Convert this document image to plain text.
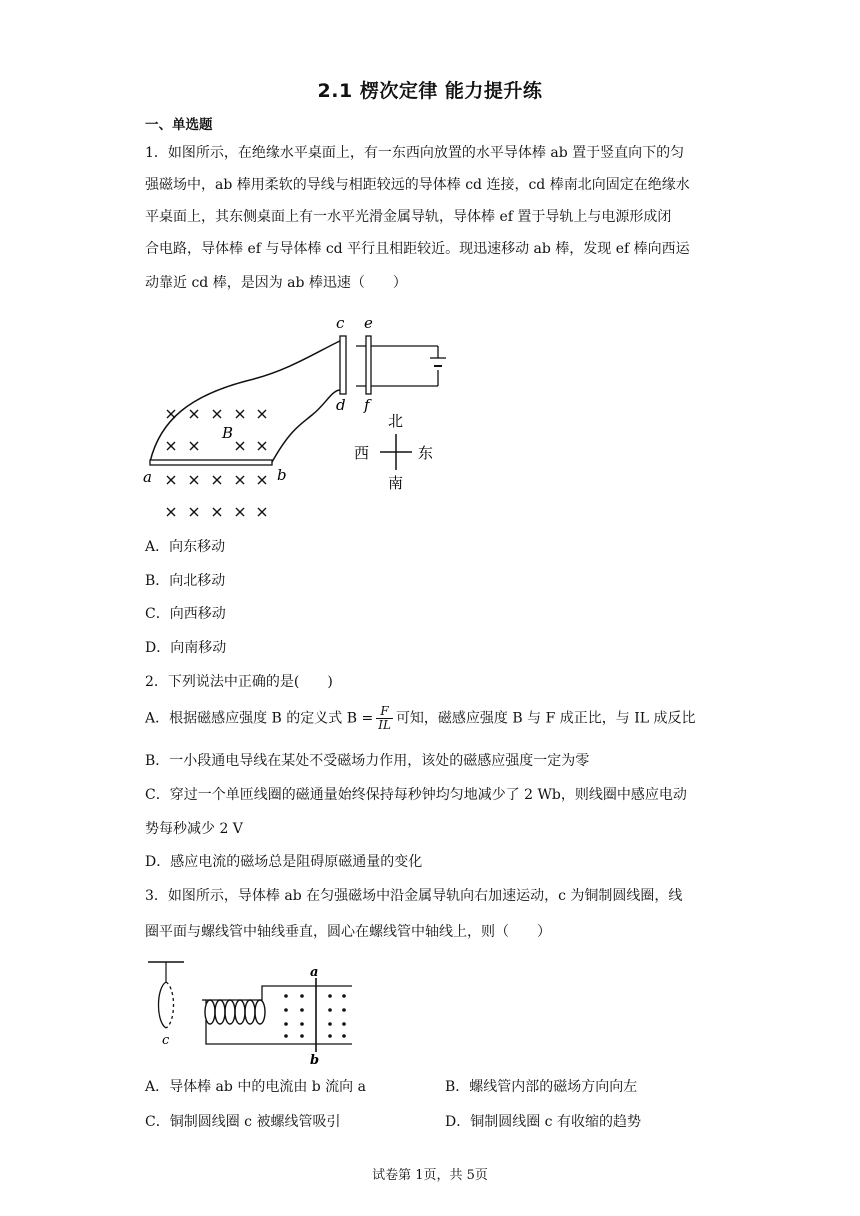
2.1 楞次定律 能力提升练
一、单选题
1．如图所示，在绝缘水平桌面上，有一东西向放置的水平导体棒 ab 置于竖直向下的匀
强磁场中，ab 棒用柔软的导线与相距较远的导体棒 cd 连接，cd 棒南北向固定在绝缘水
平桌面上，其东侧桌面上有一水平光滑金属导轨，导体棒 ef 置于导轨上与电源形成闭
合电路，导体棒 ef 与导体棒 cd 平行且相距较近。现迅速移动 ab 棒，发现 ef 棒向西运
动靠近 cd 棒，是因为 ab 棒迅速（　　）
B
a	b
c
d
e
f
北
南
西	东
A．向东移动
B．向北移动
C．向西移动
D．向南移动
2．下列说法中正确的是(　　)
A．根据磁感应强度 B 的定义式 $B = \frac{F}{IL}$ 可知，磁感应强度 B 与 F 成正比，与 IL 成反比
B．一小段通电导线在某处不受磁场力作用，该处的磁感应强度一定为零
C．穿过一个单匝线圈的磁通量始终保持每秒钟均匀地减少了 2 Wb，则线圈中感应电动
势每秒减少 2 V
D．感应电流的磁场总是阻碍原磁通量的变化
3．如图所示，导体棒 ab 在匀强磁场中沿金属导轨向右加速运动，c 为铜制圆线圈，线
圈平面与螺线管中轴线垂直，圆心在螺线管中轴线上，则（　　）
c
a
b
A．导体棒 ab 中的电流由 b 流向 a	B．螺线管内部的磁场方向向左
C．铜制圆线圈 c 被螺线管吸引	D．铜制圆线圈 c 有收缩的趋势
试卷第 1页，共 5页
